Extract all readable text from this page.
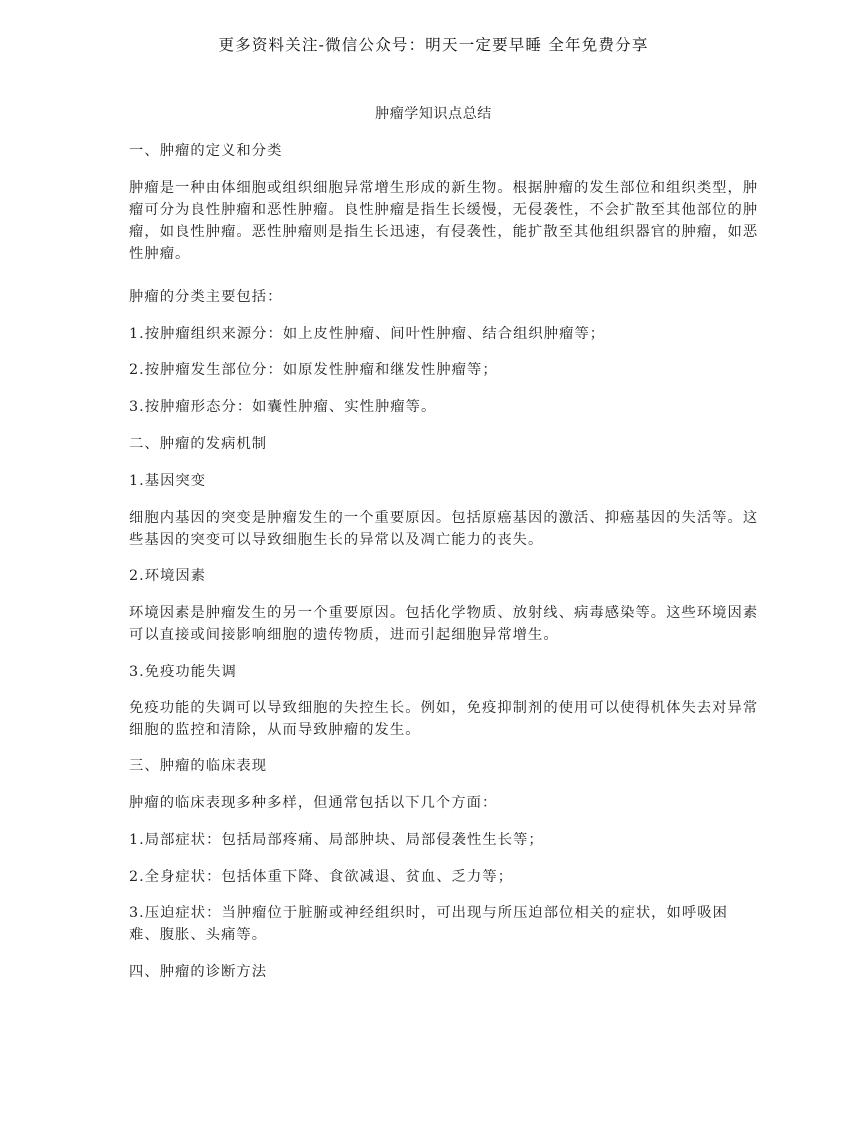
更多资料关注-微信公众号：明天一定要早睡 全年免费分享
肿瘤学知识点总结

一、肿瘤的定义和分类

肿瘤是一种由体细胞或组织细胞异常增生形成的新生物。根据肿瘤的发生部位和组织类型，肿瘤可分为良性肿瘤和恶性肿瘤。良性肿瘤是指生长缓慢，无侵袭性，不会扩散至其他部位的肿瘤，如良性肿瘤。恶性肿瘤则是指生长迅速，有侵袭性，能扩散至其他组织器官的肿瘤，如恶性肿瘤。

肿瘤的分类主要包括：

1.按肿瘤组织来源分：如上皮性肿瘤、间叶性肿瘤、结合组织肿瘤等；

2.按肿瘤发生部位分：如原发性肿瘤和继发性肿瘤等；

3.按肿瘤形态分：如囊性肿瘤、实性肿瘤等。

二、肿瘤的发病机制

1.基因突变

细胞内基因的突变是肿瘤发生的一个重要原因。包括原癌基因的激活、抑癌基因的失活等。这些基因的突变可以导致细胞生长的异常以及凋亡能力的丧失。

2.环境因素

环境因素是肿瘤发生的另一个重要原因。包括化学物质、放射线、病毒感染等。这些环境因素可以直接或间接影响细胞的遗传物质，进而引起细胞异常增生。

3.免疫功能失调

免疫功能的失调可以导致细胞的失控生长。例如，免疫抑制剂的使用可以使得机体失去对异常细胞的监控和清除，从而导致肿瘤的发生。

三、肿瘤的临床表现

肿瘤的临床表现多种多样，但通常包括以下几个方面：

1.局部症状：包括局部疼痛、局部肿块、局部侵袭性生长等；

2.全身症状：包括体重下降、食欲减退、贫血、乏力等；

3.压迫症状：当肿瘤位于脏腑或神经组织时，可出现与所压迫部位相关的症状，如呼吸困难、腹胀、头痛等。

四、肿瘤的诊断方法
